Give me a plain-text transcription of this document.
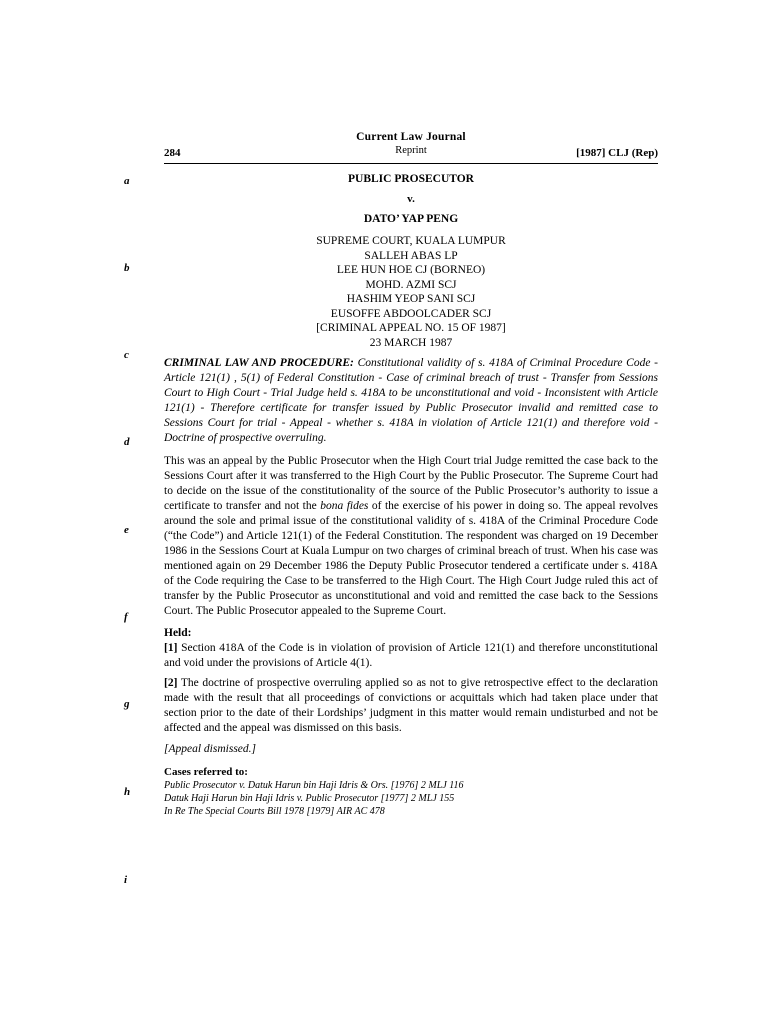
Current Law Journal
Reprint
284	[1987] CLJ (Rep)
a
b
c
d
e
f
g
h
i
PUBLIC PROSECUTOR
v.
DATO’ YAP PENG
SUPREME COURT, KUALA LUMPUR
SALLEH ABAS LP
LEE HUN HOE CJ (BORNEO)
MOHD. AZMI SCJ
HASHIM YEOP SANI SCJ
EUSOFFE ABDOOLCADER SCJ
[CRIMINAL APPEAL NO. 15 OF 1987]
23 MARCH 1987

CRIMINAL LAW AND PROCEDURE: Constitutional validity of s. 418A of Criminal Procedure Code - Article 121(1) , 5(1) of Federal Constitution - Case of criminal breach of trust - Transfer from Sessions Court to High Court - Trial Judge held s. 418A to be unconstitutional and void - Inconsistent with Article 121(1) - Therefore certificate for transfer issued by Public Prosecutor invalid and remitted case to Sessions Court for trial - Appeal - whether s. 418A in violation of Article 121(1) and therefore void - Doctrine of prospective overruling.

This was an appeal by the Public Prosecutor when the High Court trial Judge remitted the case back to the Sessions Court after it was transferred to the High Court by the Public Prosecutor. The Supreme Court had to decide on the issue of the constitutionality of the source of the Public Prosecutor’s authority to issue a certificate to transfer and not the bona fides of the exercise of his power in doing so. The appeal revolves around the sole and primal issue of the constitutional validity of s. 418A of the Criminal Procedure Code (“the Code”) and Article 121(1) of the Federal Constitution. The respondent was charged on 19 December 1986 in the Sessions Court at Kuala Lumpur on two charges of criminal breach of trust. When his case was mentioned again on 29 December 1986 the Deputy Public Prosecutor tendered a certificate under s. 418A of the Code requiring the Case to be transferred to the High Court. The High Court Judge ruled this act of transfer by the Public Prosecutor as unconstitutional and void and remitted the case back to the Sessions Court. The Public Prosecutor appealed to the Supreme Court.

Held:

[1] Section 418A of the Code is in violation of provision of Article 121(1) and therefore unconstitutional and void under the provisions of Article 4(1).

[2] The doctrine of prospective overruling applied so as not to give retrospective effect to the declaration made with the result that all proceedings of convictions or acquittals which had taken place under that section prior to the date of their Lordships’ judgment in this matter would remain undisturbed and not be affected and the appeal was dismissed on this basis.

[Appeal dismissed.]
Cases referred to:
Public Prosecutor v. Datuk Harun bin Haji Idris & Ors. [1976] 2 MLJ 116
Datuk Haji Harun bin Haji Idris v. Public Prosecutor [1977] 2 MLJ 155
In Re The Special Courts Bill 1978 [1979] AIR AC 478
